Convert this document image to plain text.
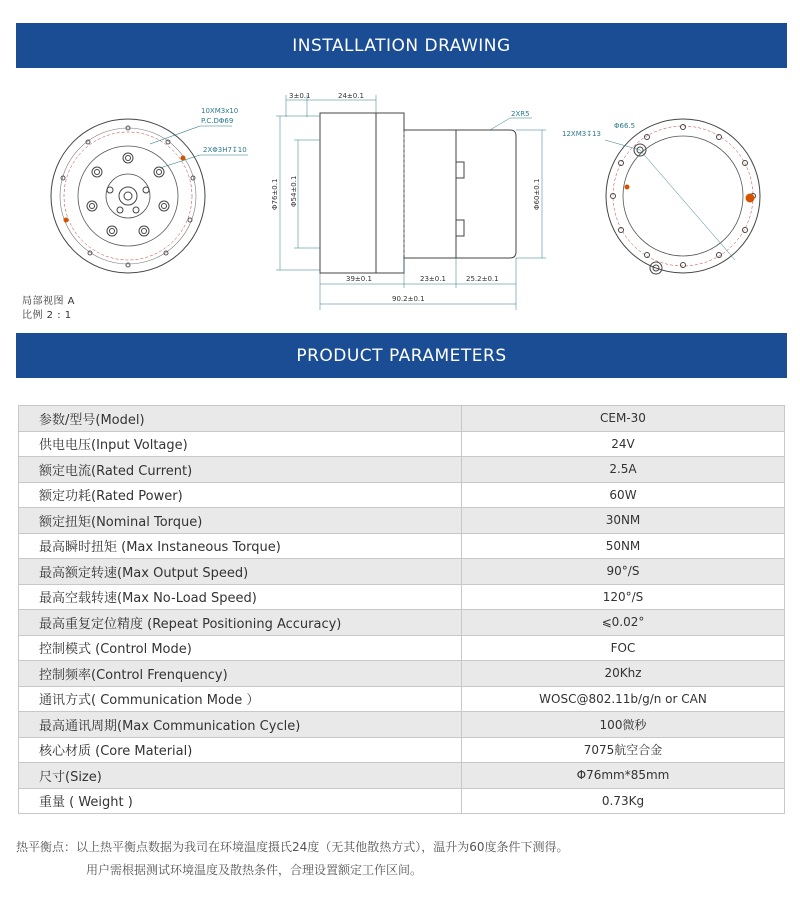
INSTALLATION DRAWING
10XM3x10
P.C.DΦ69
2XΦ3H7↧10
3±0.1	24±0.1
2XR5
Φ76±0.1 Φ54±0.1	Φ60±0.1
39±0.1	23±0.1	25.2±0.1
90.2±0.1
12XM3↧13
Φ66.5
局部视图 A
比例 2 : 1
PRODUCT PARAMETERS
参数/型号(Model)	CEM-30
供电电压(Input Voltage)	24V
额定电流(Rated Current)	2.5A
额定功耗(Rated Power)	60W
额定扭矩(Nominal Torque)	30NM
最高瞬时扭矩 (Max Instaneous Torque)	50NM
最高额定转速(Max Output Speed)	90°/S
最高空载转速(Max No-Load Speed)	120°/S
最高重复定位精度 (Repeat Positioning Accuracy)	⩽0.02°
控制模式 (Control Mode)	FOC
控制频率(Control Frenquency)	20Khz
通讯方式( Communication Mode ）	WOSC@802.11b/g/n or CAN
最高通讯周期(Max Communication Cycle)	100微秒
核心材质 (Core Material)	7075航空合金
尺寸(Size)	Φ76mm*85mm
重量 ( Weight )	0.73Kg
热平衡点：以上热平衡点数据为我司在环境温度摄氏24度（无其他散热方式），温升为60度条件下测得。
用户需根据测试环境温度及散热条件，合理设置额定工作区间。
